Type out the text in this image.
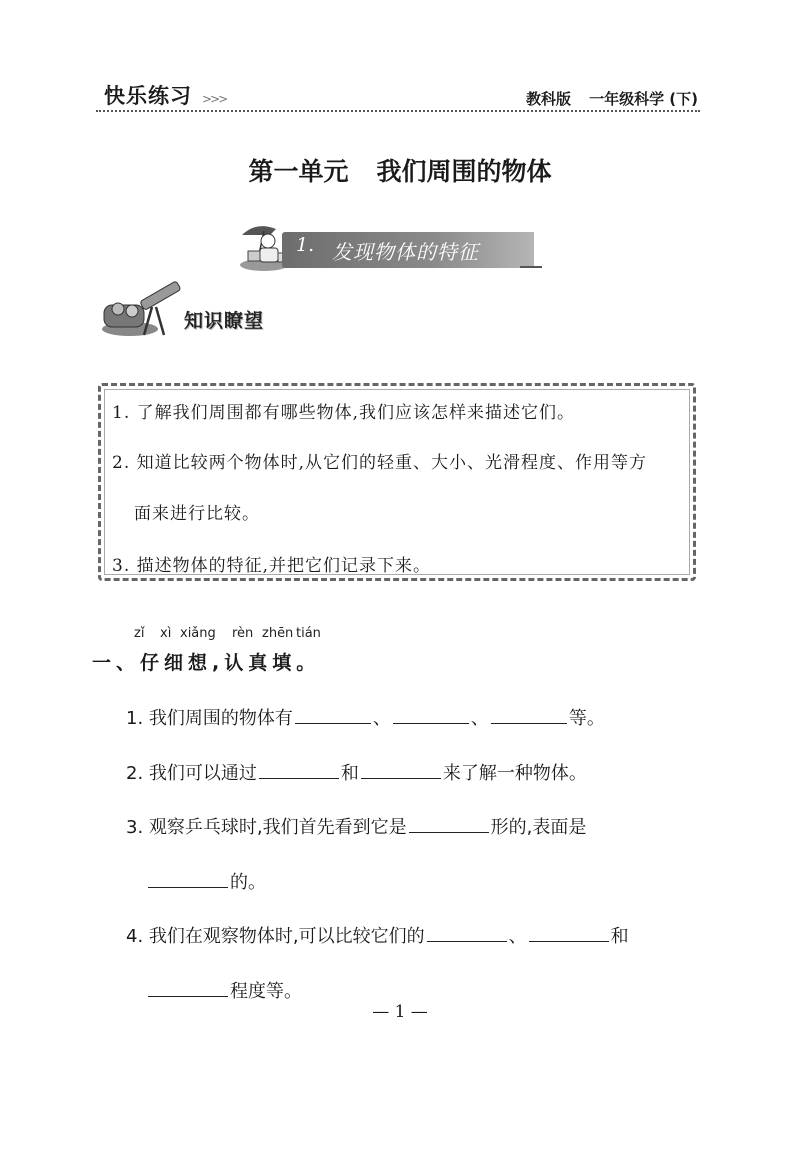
快乐练习 >>>	教科版 一年级科学 (下)
第一单元 我们周围的物体
1. 发现物体的特征
知识瞭望
1. 了解我们周围都有哪些物体,我们应该怎样来描述它们。
2. 知道比较两个物体时,从它们的轻重、大小、光滑程度、作用等方
面来进行比较。
3. 描述物体的特征,并把它们记录下来。
zǐ xì xiǎng rèn zhēn tián
一、仔细想,认真填。
1. 我们周围的物体有	、	、	等。
2. 我们可以通过	和	来了解一种物体。
3. 观察乒乓球时,我们首先看到它是	形的,表面是
的。
4. 我们在观察物体时,可以比较它们的	、	和
程度等。
— 1 —
